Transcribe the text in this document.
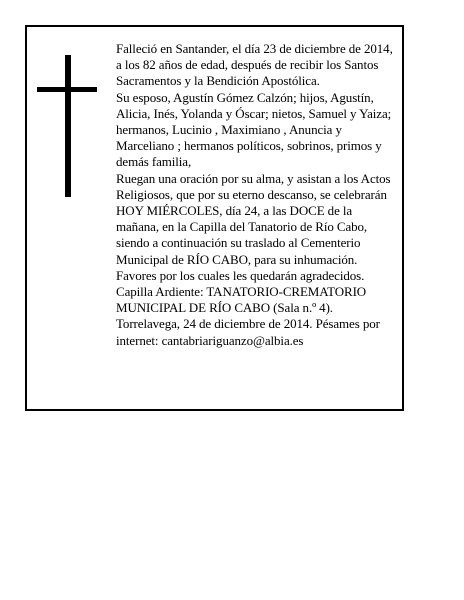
Falleció en Santander, el día 23 de diciembre de 2014, a los 82 años de edad, después de recibir los Santos Sacramentos y la Bendición Apostólica.

Su esposo, Agustín Gómez Calzón; hijos, Agustín, Alicia, Inés, Yolanda y Óscar; nietos, Samuel y Yaiza; hermanos, Lucinio , Maximiano , Anuncia y Marceliano ; hermanos políticos, sobrinos, primos y demás familia,

Ruegan una oración por su alma, y asistan a los Actos Religiosos, que por su eterno descanso, se celebrarán HOY MIÉRCOLES, día 24, a las DOCE de la mañana, en la Capilla del Tanatorio de Río Cabo, siendo a continuación su traslado al Cementerio Municipal de RÍO CABO, para su inhumación. Favores por los cuales les quedarán agradecidos. Capilla Ardiente: TANATORIO-CREMATORIO MUNICIPAL DE RÍO CABO (Sala n.º 4).

Torrelavega, 24 de diciembre de 2014. Pésames por internet: cantabriariguanzo@albia.es
